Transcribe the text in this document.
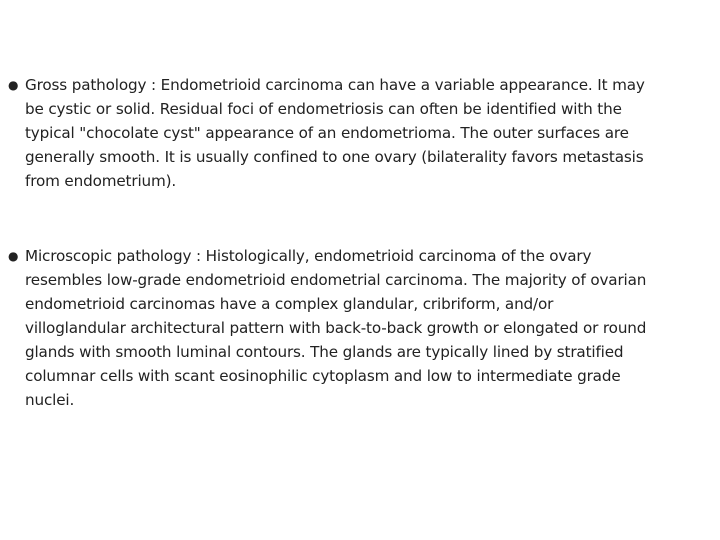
● Gross pathology : Endometrioid carcinoma can have a variable appearance. It may
be cystic or solid. Residual foci of endometriosis can often be identified with the
typical "chocolate cyst" appearance of an endometrioma. The outer surfaces are
generally smooth. It is usually confined to one ovary (bilaterality favors metastasis
from endometrium).
● Microscopic pathology : Histologically, endometrioid carcinoma of the ovary
resembles low-grade endometrioid endometrial carcinoma. The majority of ovarian
endometrioid carcinomas have a complex glandular, cribriform, and/or
villoglandular architectural pattern with back-to-back growth or elongated or round
glands with smooth luminal contours. The glands are typically lined by stratified
columnar cells with scant eosinophilic cytoplasm and low to intermediate grade
nuclei.
